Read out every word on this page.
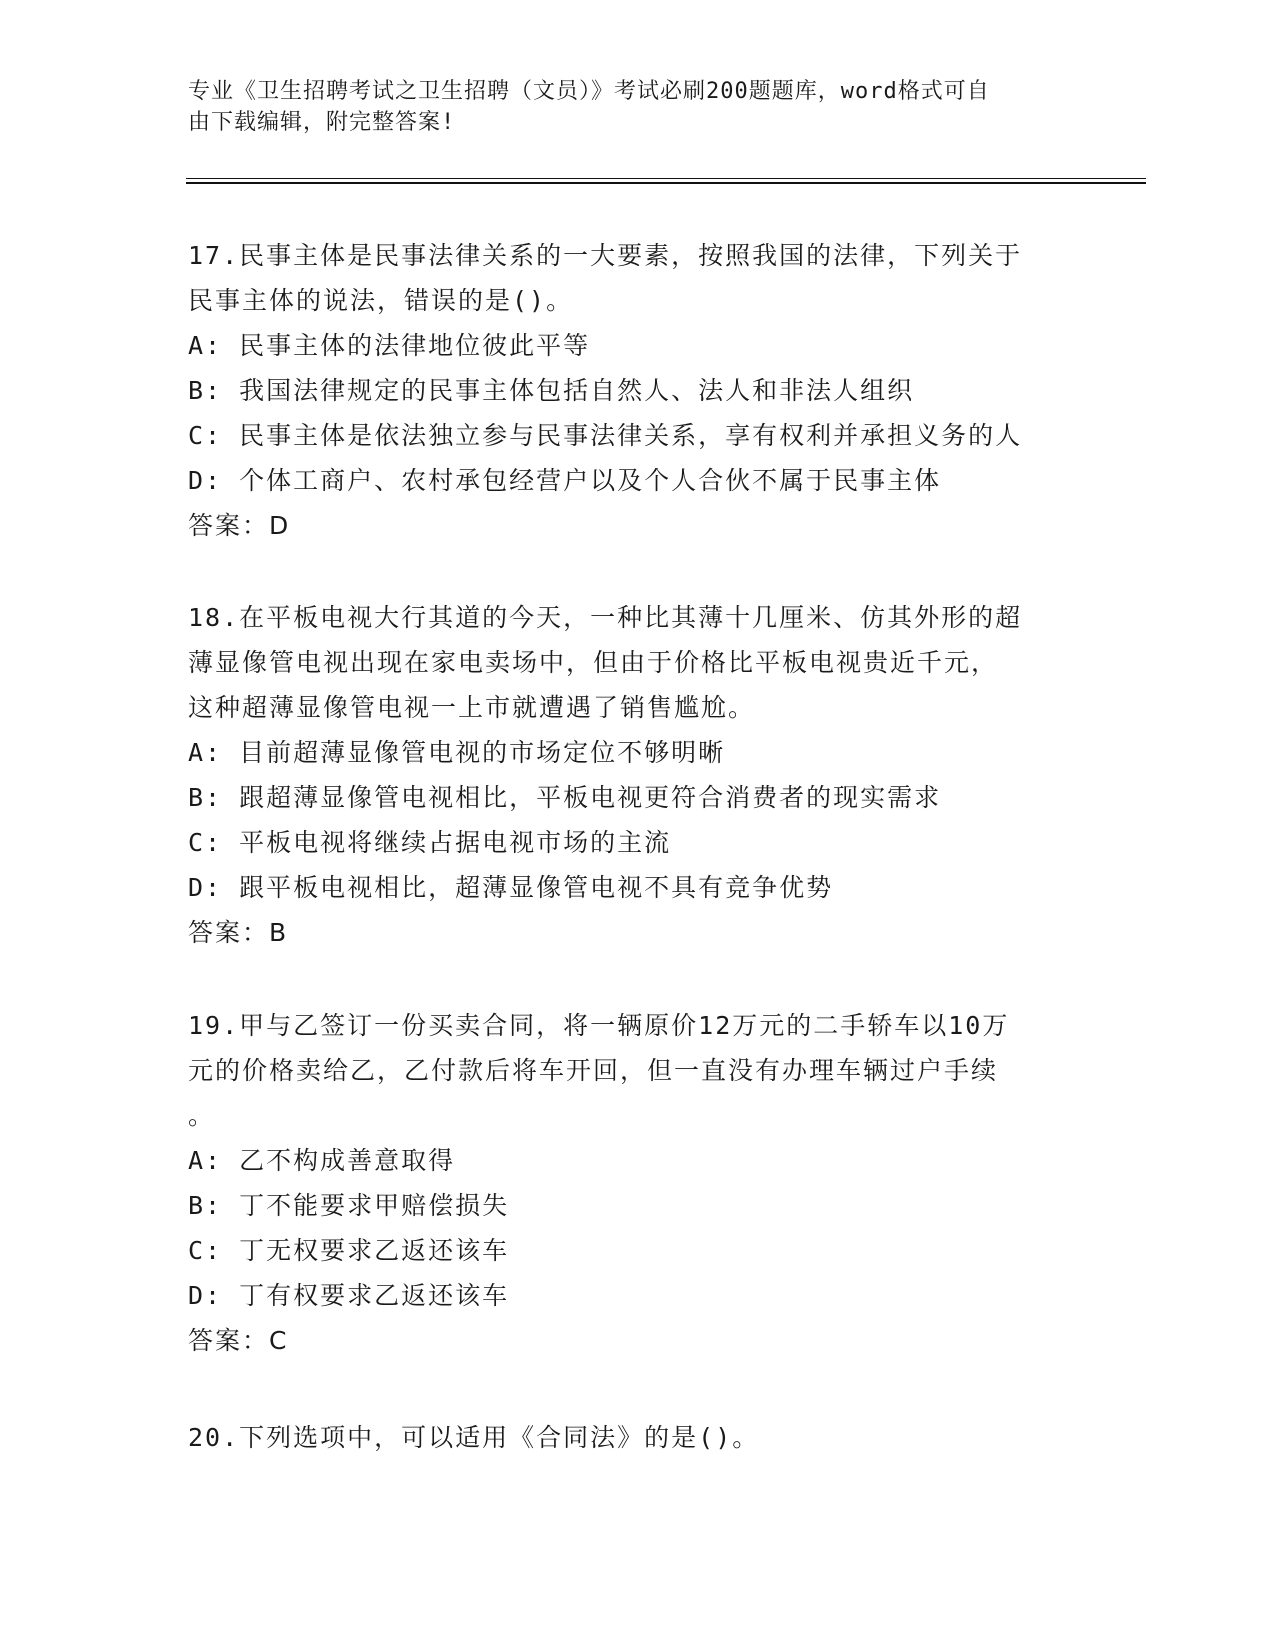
专业《卫生招聘考试之卫生招聘（文员）》考试必刷200题题库，word格式可自
由下载编辑，附完整答案!

17.民事主体是民事法律关系的一大要素，按照我国的法律，下列关于

民事主体的说法，错误的是()。

A: 民事主体的法律地位彼此平等

B: 我国法律规定的民事主体包括自然人、法人和非法人组织

C: 民事主体是依法独立参与民事法律关系，享有权利并承担义务的人

D: 个体工商户、农村承包经营户以及个人合伙不属于民事主体

答案：D

18.在平板电视大行其道的今天，一种比其薄十几厘米、仿其外形的超

薄显像管电视出现在家电卖场中，但由于价格比平板电视贵近千元，

这种超薄显像管电视一上市就遭遇了销售尴尬。

A: 目前超薄显像管电视的市场定位不够明晰

B: 跟超薄显像管电视相比，平板电视更符合消费者的现实需求

C: 平板电视将继续占据电视市场的主流

D: 跟平板电视相比，超薄显像管电视不具有竞争优势

答案：B

19.甲与乙签订一份买卖合同，将一辆原价12万元的二手轿车以10万

元的价格卖给乙，乙付款后将车开回，但一直没有办理车辆过户手续

。

A: 乙不构成善意取得

B: 丁不能要求甲赔偿损失

C: 丁无权要求乙返还该车

D: 丁有权要求乙返还该车

答案：C

20.下列选项中，可以适用《合同法》的是()。
